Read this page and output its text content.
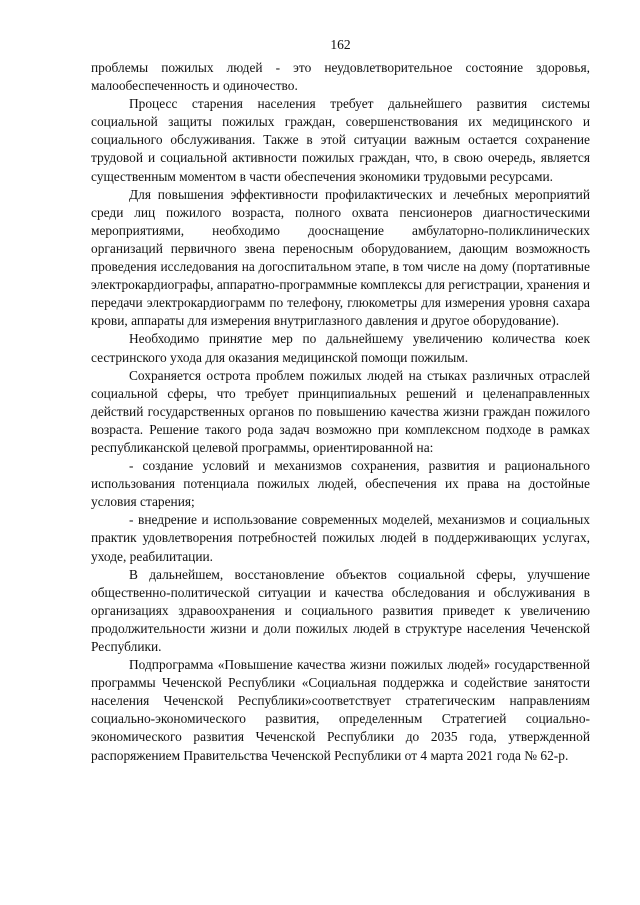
162

проблемы пожилых людей - это неудовлетворительное состояние здоровья, малообеспеченность и одиночество.

Процесс старения населения требует дальнейшего развития системы социальной защиты пожилых граждан, совершенствования их медицинского и социального обслуживания. Также в этой ситуации важным остается сохранение трудовой и социальной активности пожилых граждан, что, в свою очередь, является существенным моментом в части обеспечения экономики трудовыми ресурсами.

Для повышения эффективности профилактических и лечебных мероприятий среди лиц пожилого возраста, полного охвата пенсионеров диагностическими мероприятиями, необходимо дооснащение амбулаторно-поликлинических организаций первичного звена переносным оборудованием, дающим возможность проведения исследования на догоспитальном этапе, в том числе на дому (портативные электрокардиографы, аппаратно-программные комплексы для регистрации, хранения и передачи электрокардиограмм по телефону, глюкометры для измерения уровня сахара крови, аппараты для измерения внутриглазного давления и другое оборудование).

Необходимо принятие мер по дальнейшему увеличению количества коек сестринского ухода для оказания медицинской помощи пожилым.

Сохраняется острота проблем пожилых людей на стыках различных отраслей социальной сферы, что требует принципиальных решений и целенаправленных действий государственных органов по повышению качества жизни граждан пожилого возраста. Решение такого рода задач возможно при комплексном подходе в рамках республиканской целевой программы, ориентированной на:

- создание условий и механизмов сохранения, развития и рационального использования потенциала пожилых людей, обеспечения их права на достойные условия старения;

- внедрение и использование современных моделей, механизмов и социальных практик удовлетворения потребностей пожилых людей в поддерживающих услугах, уходе, реабилитации.

В дальнейшем, восстановление объектов социальной сферы, улучшение общественно-политической ситуации и качества обследования и обслуживания в организациях здравоохранения и социального развития приведет к увеличению продолжительности жизни и доли пожилых людей в структуре населения Чеченской Республики.

Подпрограмма «Повышение качества жизни пожилых людей» государственной программы Чеченской Республики «Социальная поддержка и содействие занятости населения Чеченской Республики»соответствует стратегическим направлениям социально-экономического развития, определенным Стратегией социально-экономического развития Чеченской Республики до 2035 года, утвержденной распоряжением Правительства Чеченской Республики от 4 марта 2021 года № 62-р.
